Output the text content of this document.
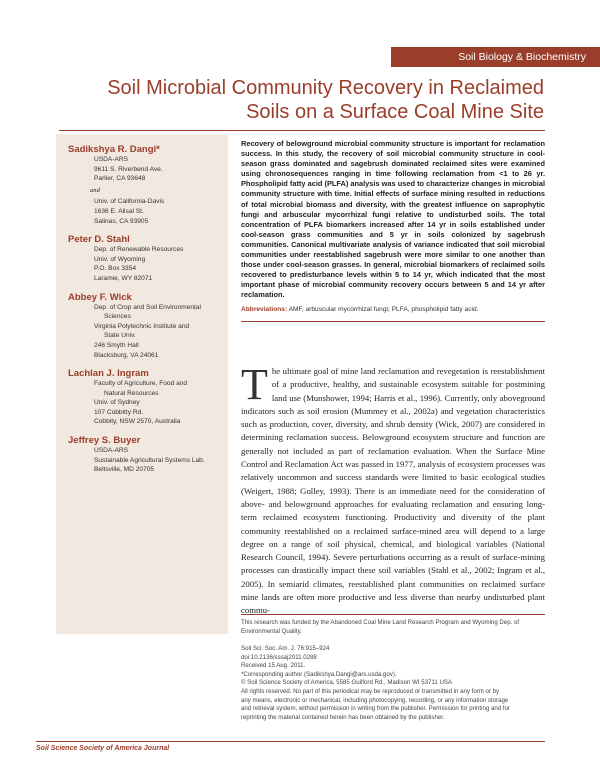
Soil Biology & Biochemistry
Soil Microbial Community Recovery in Reclaimed
Soils on a Surface Coal Mine Site
Sadikshya R. Dangi*
USDA-ARS
9611 S. Riverbend Ave.
Parlier, CA 93648
and
Univ. of California-Davis
1636 E. Alisal St.
Salinas, CA 93905
Peter D. Stahl
Dep. of Renewable Resources
Univ. of Wyoming
P.O. Box 3354
Laramie, WY 82071
Abbey F. Wick
Dep. of Crop and Soil Environmental
Sciences
Virginia Polytechnic Institute and
State Univ.
246 Smyth Hall
Blacksburg, VA 24061
Lachlan J. Ingram
Faculty of Agriculture, Food and
Natural Resources
Univ. of Sydney
107 Cobbitty Rd.
Cobbity, NSW 2570, Australia
Jeffrey S. Buyer
USDA-ARS
Sustainable Agricultural Systems Lab.
Beltsville, MD 20705
Recovery of belowground microbial community structure is important for reclamation success. In this study, the recovery of soil microbial community structure in cool-season grass dominated and sagebrush dominated reclaimed sites were examined using chronosequences ranging in time following reclamation from <1 to 26 yr. Phospholipid fatty acid (PLFA) analysis was used to characterize changes in microbial community structure with time. Initial effects of surface mining resulted in reductions of total microbial biomass and diversity, with the greatest influence on saprophytic fungi and arbuscular mycorrhizal fungi relative to undisturbed soils. The total concentration of PLFA biomarkers increased after 14 yr in soils established under cool-season grass communities and 5 yr in soils colonized by sagebrush communities. Canonical multivariate analysis of variance indicated that soil microbial communities under reestablished sagebrush were more similar to one another than those under cool-season grasses. In general, microbial biomarkers of reclaimed soils recovered to predisturbance levels within 5 to 14 yr, which indicated that the most important phase of microbial community recovery occurs between 5 and 14 yr after reclamation.
Abbreviations: AMF, arbuscular mycorrhizal fungi; PLFA, phospholipid fatty acid.
The ultimate goal of mine land reclamation and revegetation is reestablishment of a productive, healthy, and sustainable ecosystem suitable for postmining land use (Munshower, 1994; Harris et al., 1996). Currently, only aboveground indicators such as soil erosion (Mummey et al., 2002a) and vegetation characteristics such as production, cover, diversity, and shrub density (Wick, 2007) are considered in determining reclamation success. Belowground ecosystem structure and function are generally not included as part of reclamation evaluation. When the Surface Mine Control and Reclamation Act was passed in 1977, analysis of ecosystem processes was relatively uncommon and success standards were limited to basic ecological studies (Weigert, 1988; Golley, 1993). There is an immediate need for the consideration of above- and belowground approaches for evaluating reclamation and ensuring long-term reclaimed ecosystem functioning. Productivity and diversity of the plant community reestablished on a reclaimed surface-mined area will depend to a large degree on a range of soil physical, chemical, and biological variables (National Research Council, 1994). Severe perturbations occurring as a result of surface-mining processes can drastically impact these soil variables (Stahl et al., 2002; Ingram et al., 2005). In semiarid climates, reestablished plant communities on reclaimed surface mine lands are often more productive and less diverse than nearby undisturbed plant commu-
This research was funded by the Abandoned Coal Mine Land Research Program and Wyoming Dep. of Environmental Quality.
Soil Sci. Soc. Am. J. 76:915–924
doi:10.2136/sssaj2011.0288
Received 15 Aug. 2011.
*Corresponding author (Sadikshya.Dangi@ars.usda.gov).
© Soil Science Society of America, 5585 Guilford Rd., Madison WI 53711 USA
All rights reserved. No part of this periodical may be reproduced or transmitted in any form or by
any means, electronic or mechanical, including photocopying, recording, or any information storage
and retrieval system, without permission in writing from the publisher. Permission for printing and for
reprinting the material contained herein has been obtained by the publisher.
Soil Science Society of America Journal
